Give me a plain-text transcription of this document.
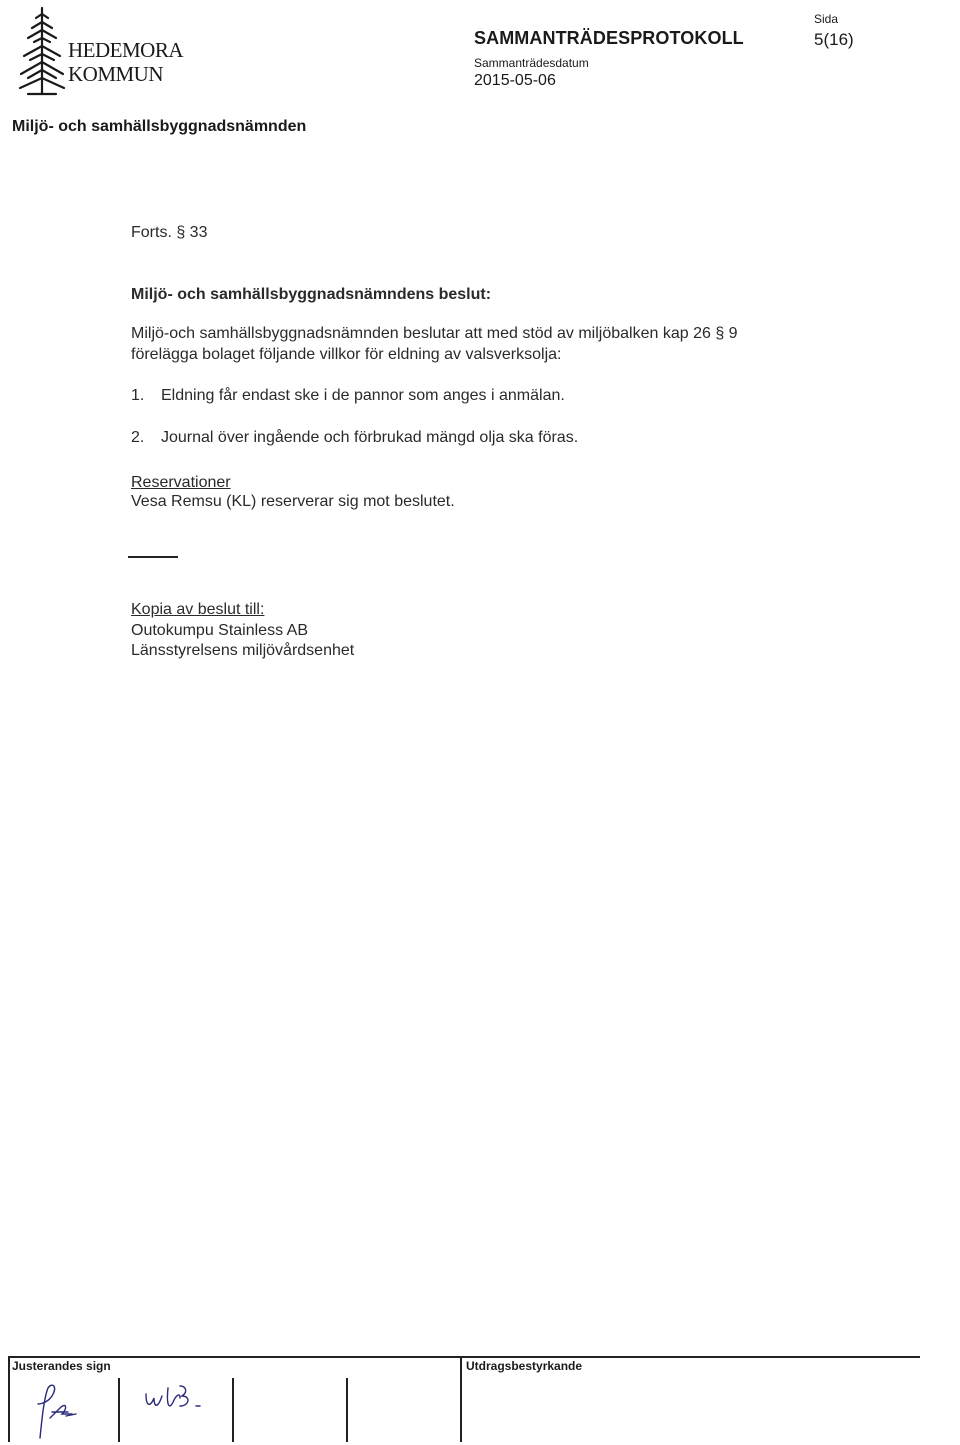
HEDEMORA
KOMMUN
SAMMANTRÄDESPROTOKOLL
Sammanträdesdatum
2015-05-06
Sida
5(16)
Miljö- och samhällsbyggnadsnämnden
Forts. § 33
Miljö- och samhällsbyggnadsnämndens beslut:
Miljö-och samhällsbyggnadsnämnden beslutar att med stöd av miljöbalken kap 26 § 9 förelägga bolaget följande villkor för eldning av valsverksolja:
1. Eldning får endast ske i de pannor som anges i anmälan.
2. Journal över ingående och förbrukad mängd olja ska föras.
Reservationer
Vesa Remsu (KL) reserverar sig mot beslutet.
Kopia av beslut till:
Outokumpu Stainless AB
Länsstyrelsens miljövårdsenhet
Justerandes sign	Utdragsbestyrkande
